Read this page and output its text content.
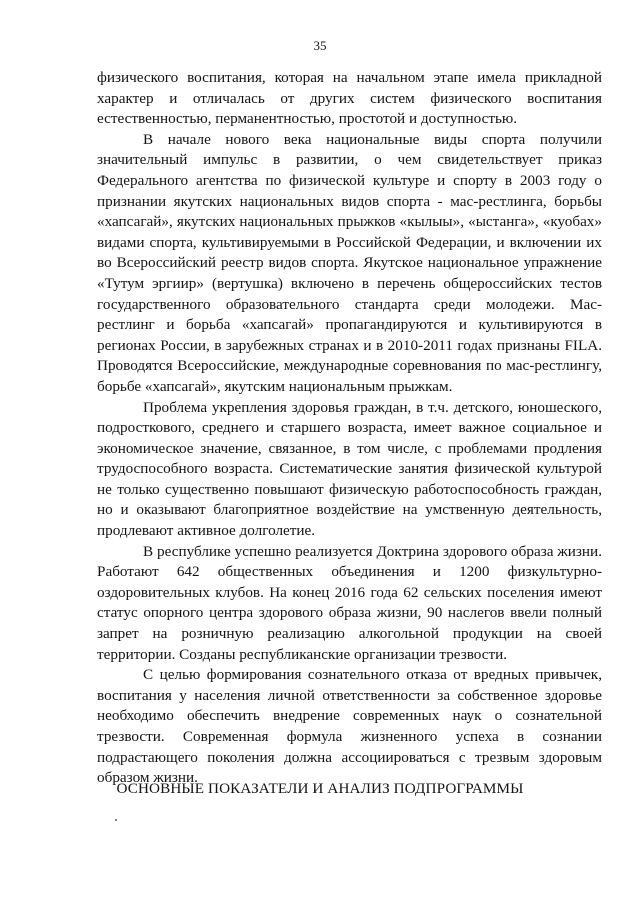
35

физического воспитания, которая на начальном этапе имела прикладной характер и отличалась от других систем физического воспитания естественностью, перманентностью, простотой и доступностью.

В начале нового века национальные виды спорта получили значительный импульс в развитии, о чем свидетельствует приказ Федерального агентства по физической культуре и спорту в 2003 году о признании якутских национальных видов спорта - мас-рестлинга, борьбы «хапсагай», якутских национальных прыжков «кылыы», «ыстанга», «куобах» видами спорта, культивируемыми в Российской Федерации, и включении их во Всероссийский реестр видов спорта. Якутское национальное упражнение «Тутум эргиир» (вертушка) включено в перечень общероссийских тестов государственного образовательного стандарта среди молодежи. Мас-рестлинг и борьба «хапсагай» пропагандируются и культивируются в регионах России, в зарубежных странах и в 2010-2011 годах признаны FILA. Проводятся Всероссийские, международные соревнования по мас-рестлингу, борьбе «хапсагай», якутским национальным прыжкам.

Проблема укрепления здоровья граждан, в т.ч. детского, юношеского, подросткового, среднего и старшего возраста, имеет важное социальное и экономическое значение, связанное, в том числе, с проблемами продления трудоспособного возраста. Систематические занятия физической культурой не только существенно повышают физическую работоспособность граждан, но и оказывают благоприятное воздействие на умственную деятельность, продлевают активное долголетие.

В республике успешно реализуется Доктрина здорового образа жизни. Работают 642 общественных объединения и 1200 физкультурно-оздоровительных клубов. На конец 2016 года 62 сельских поселения имеют статус опорного центра здорового образа жизни, 90 наслегов ввели полный запрет на розничную реализацию алкогольной продукции на своей территории. Созданы республиканские организации трезвости.

С целью формирования сознательного отказа от вредных привычек, воспитания у населения личной ответственности за собственное здоровье необходимо обеспечить внедрение современных наук о сознательной трезвости. Современная формула жизненного успеха в сознании подрастающего поколения должна ассоциироваться с трезвым здоровым образом жизни.

ОСНОВНЫЕ ПОКАЗАТЕЛИ И АНАЛИЗ ПОДПРОГРАММЫ
